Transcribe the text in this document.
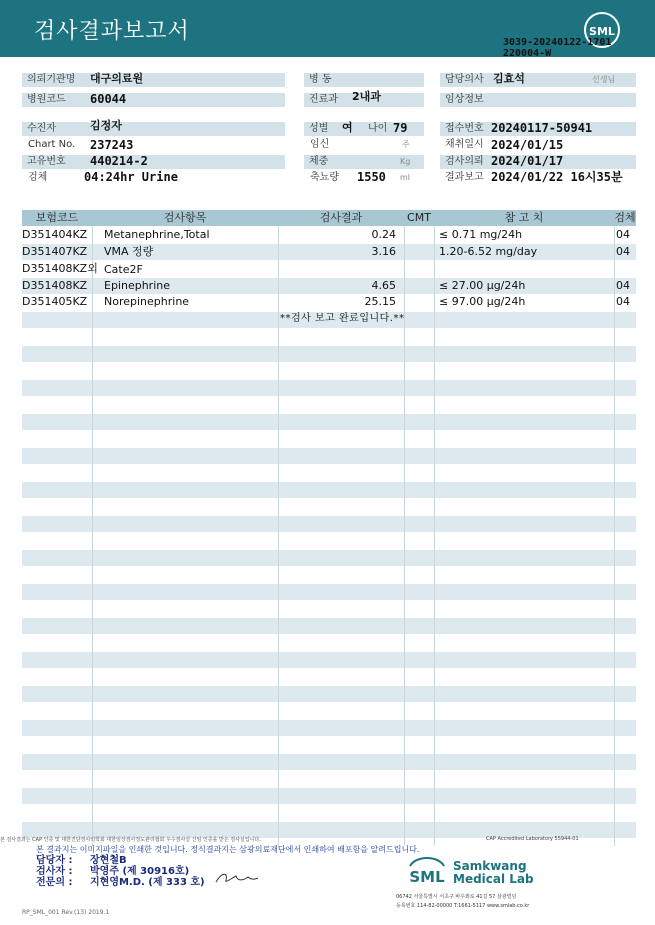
검사결과보고서	SML
3039-20240122-1701
220004-W
의뢰기관명	대구의료원	병 동	담당의사 김효석	선생님
병원코드	60044	진료과	2내과	임상정보
수진자	김정자
Chart No. 237243
고유번호	440214-2
검체	04:24hr Urine
성별	여 나이 79
임신	주
체중	Kg
축뇨량 1550 ml
접수번호 20240117-50941
채취일시 2024/01/15
검사의뢰 2024/01/17
결과보고 2024/01/22 16시35분
보험코드	검사항목	검사결과	CMT	참 고 치	검체
D351404KZ Metanephrine,Total	0.24	≤ 0.71 mg/24h	04
D351407KZ VMA 정량	3.16	1.20-6.52 mg/day	04
D351408KZ외 Cate2F
D351408KZ Epinephrine	4.65	≤ 27.00 μg/24h	04
D351405KZ Norepinephrine	25.15	≤ 97.00 μg/24h	04
**검사 보고 완료입니다.**
본 검사결과는 CAP 인증 및 대한진단검사의학회 대한임상검사정도관리협회 우수검사실 신임 인증을 받은 검사실입니다.	CAP Accredited Laboratory 55944-01
본 결과지는 이미지파일을 인쇄한 것입니다. 정식결과지는 삼광의료재단에서 인쇄하여 배포함을 알려드립니다.
담당자 : 장현철B
검사자 : 박영주 (제 30916호)
전문의 : 지현영M.D. (제 333 호)	SML
Samkwang
Medical Lab
06742 서울특별시 서초구 바우뫼로 41길 57 삼광빌딩
등록번호 114-82-00000 T:1661-5117 www.smlab.co.kr
RP_SML_001 Rev.(13) 2019.1
